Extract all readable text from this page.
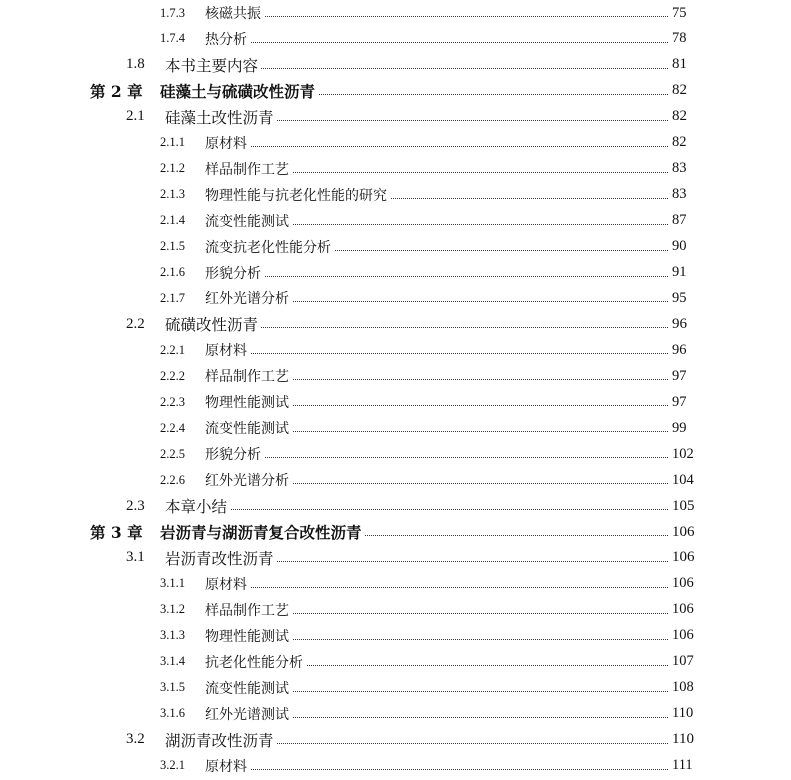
1.7.3 核磁共振	75
1.7.4 热分析	78
1.8 本书主要内容	81
第 2 章 硅藻土与硫磺改性沥青	82
2.1 硅藻土改性沥青	82
2.1.1 原材料	82
2.1.2 样品制作工艺	83
2.1.3 物理性能与抗老化性能的研究	83
2.1.4 流变性能测试	87
2.1.5 流变抗老化性能分析	90
2.1.6 形貌分析	91
2.1.7 红外光谱分析	95
2.2 硫磺改性沥青	96
2.2.1 原材料	96
2.2.2 样品制作工艺	97
2.2.3 物理性能测试	97
2.2.4 流变性能测试	99
2.2.5 形貌分析	102
2.2.6 红外光谱分析	104
2.3 本章小结	105
第 3 章 岩沥青与湖沥青复合改性沥青	106
3.1 岩沥青改性沥青	106
3.1.1 原材料	106
3.1.2 样品制作工艺	106
3.1.3 物理性能测试	106
3.1.4 抗老化性能分析	107
3.1.5 流变性能测试	108
3.1.6 红外光谱测试	110
3.2 湖沥青改性沥青	110
3.2.1 原材料	111
